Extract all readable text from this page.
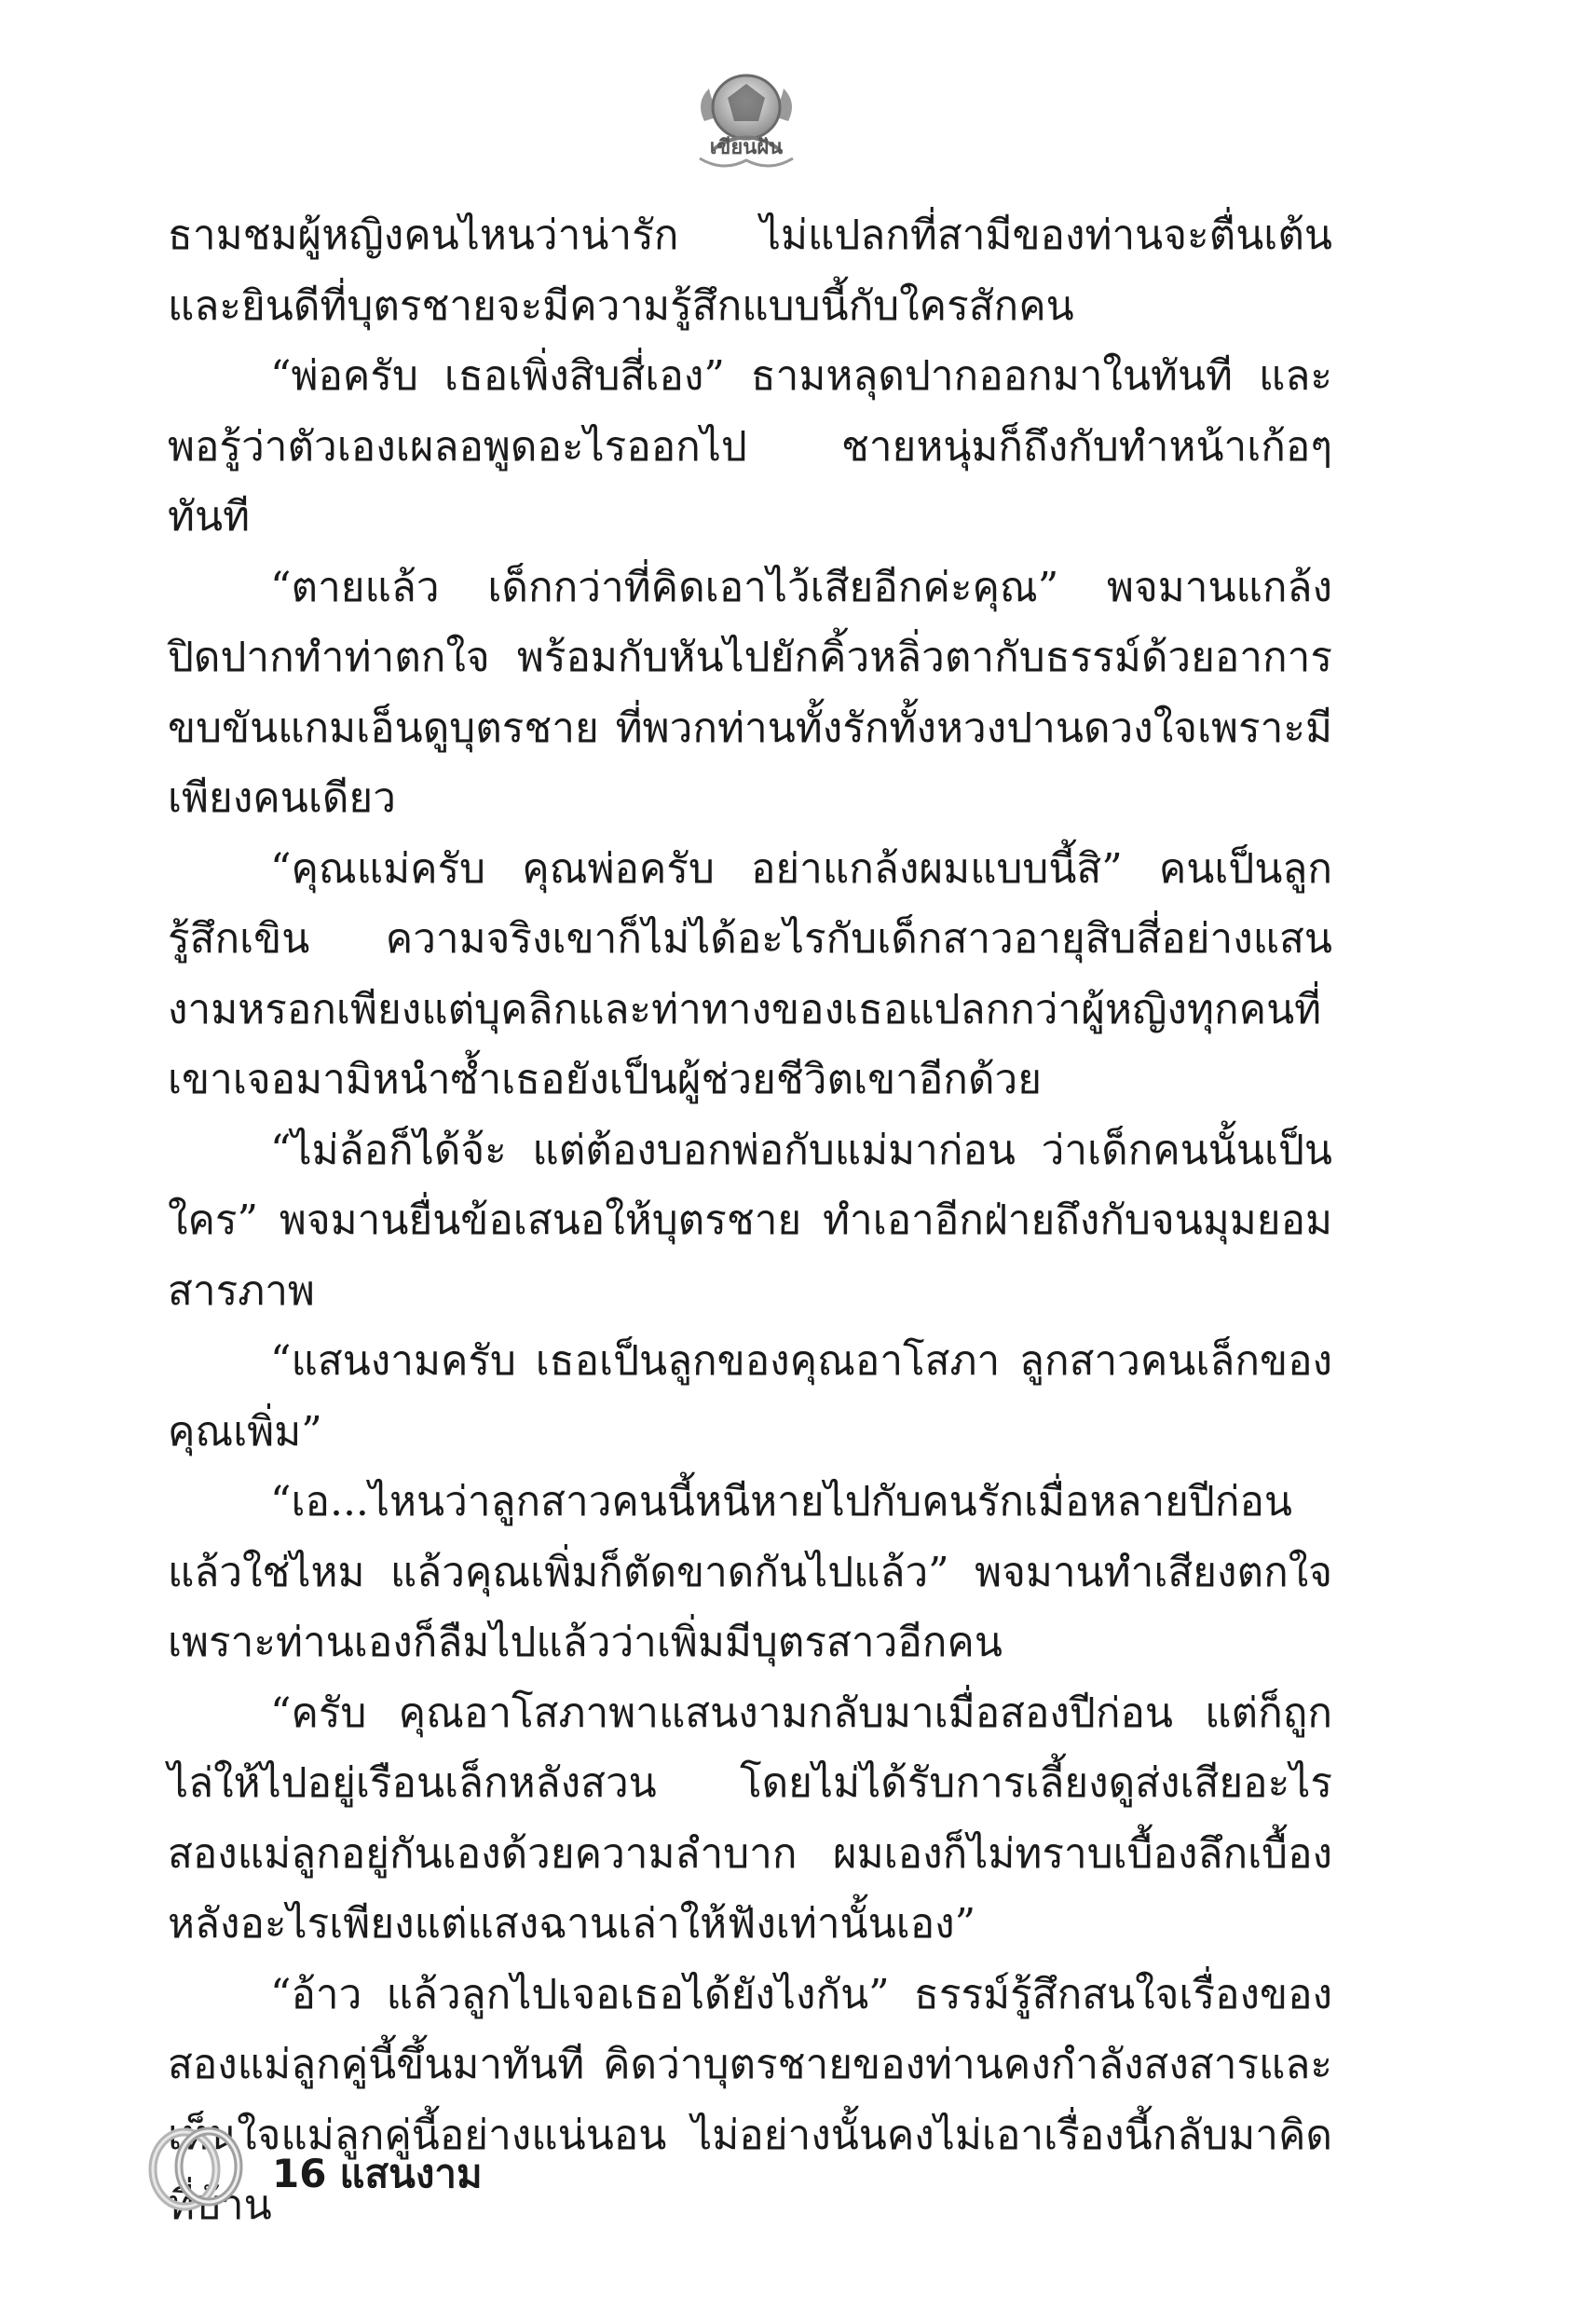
เขียนฝัน

ธามชมผู้หญิงคนไหนว่าน่ารัก ไม่แปลกที่สามีของท่านจะตื่นเต้นและยินดีที่บุตรชายจะมีความรู้สึกแบบนี้กับใครสักคน

“พ่อครับ เธอเพิ่งสิบสี่เอง” ธามหลุดปากออกมาในทันที และพอรู้ว่าตัวเองเผลอพูดอะไรออกไป ชายหนุ่มก็ถึงกับทำหน้าเก้อๆ ทันที

“ตายแล้ว เด็กกว่าที่คิดเอาไว้เสียอีกค่ะคุณ” พจมานแกล้งปิดปากทำท่าตกใจ พร้อมกับหันไปยักคิ้วหลิ่วตากับธรรม์ด้วยอาการขบขันแกมเอ็นดูบุตรชาย ที่พวกท่านทั้งรักทั้งหวงปานดวงใจเพราะมีเพียงคนเดียว

“คุณแม่ครับ คุณพ่อครับ อย่าแกล้งผมแบบนี้สิ” คนเป็นลูกรู้สึกเขิน ความจริงเขาก็ไม่ได้อะไรกับเด็กสาวอายุสิบสี่อย่างแสนงามหรอกเพียงแต่บุคลิกและท่าทางของเธอแปลกกว่าผู้หญิงทุกคนที่เขาเจอมามิหนำซ้ำเธอยังเป็นผู้ช่วยชีวิตเขาอีกด้วย

“ไม่ล้อก็ได้จ้ะ แต่ต้องบอกพ่อกับแม่มาก่อน ว่าเด็กคนนั้นเป็นใคร” พจมานยื่นข้อเสนอให้บุตรชาย ทำเอาอีกฝ่ายถึงกับจนมุมยอมสารภาพ

“แสนงามครับ เธอเป็นลูกของคุณอาโสภา ลูกสาวคนเล็กของคุณเพิ่ม”

“เอ...ไหนว่าลูกสาวคนนี้หนีหายไปกับคนรักเมื่อหลายปีก่อนแล้วใช่ไหม แล้วคุณเพิ่มก็ตัดขาดกันไปแล้ว” พจมานทำเสียงตกใจ เพราะท่านเองก็ลืมไปแล้วว่าเพิ่มมีบุตรสาวอีกคน

“ครับ คุณอาโสภาพาแสนงามกลับมาเมื่อสองปีก่อน แต่ก็ถูกไล่ให้ไปอยู่เรือนเล็กหลังสวน โดยไม่ได้รับการเลี้ยงดูส่งเสียอะไร สองแม่ลูกอยู่กันเองด้วยความลำบาก ผมเองก็ไม่ทราบเบื้องลึกเบื้องหลังอะไรเพียงแต่แสงฉานเล่าให้ฟังเท่านั้นเอง”

“อ้าว แล้วลูกไปเจอเธอได้ยังไงกัน” ธรรม์รู้สึกสนใจเรื่องของสองแม่ลูกคู่นี้ขึ้นมาทันที คิดว่าบุตรชายของท่านคงกำลังสงสารและเห็นใจแม่ลูกคู่นี้อย่างแน่นอน ไม่อย่างนั้นคงไม่เอาเรื่องนี้กลับมาคิดที่บ้าน

16 แสนงาม
